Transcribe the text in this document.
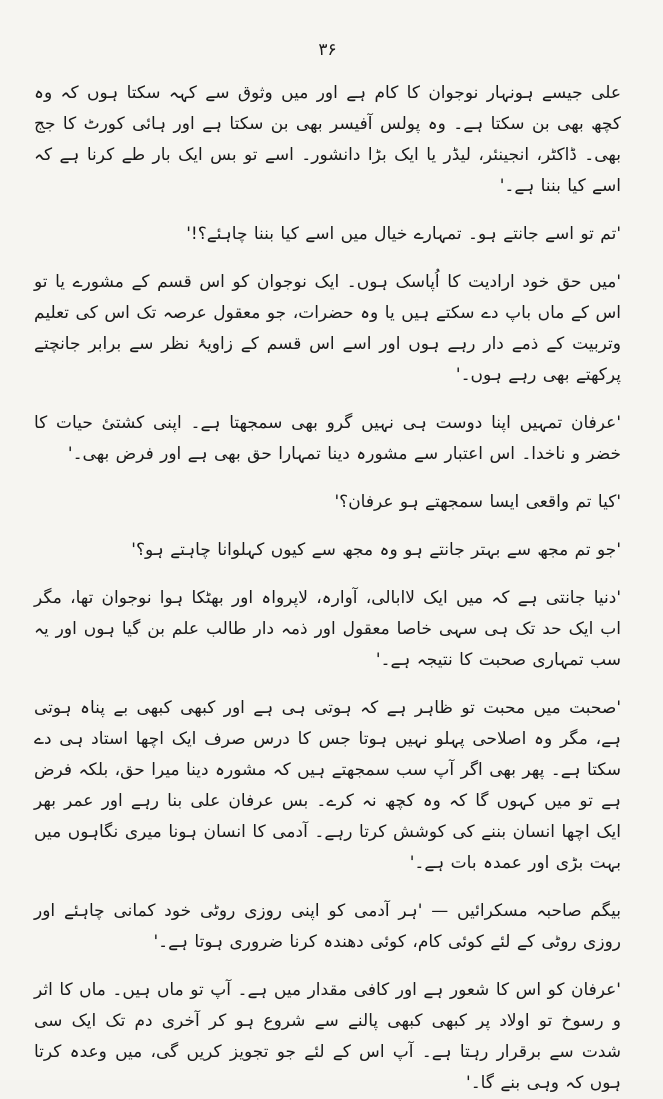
۳۶

علی جیسے ہونہار نوجوان کا کام ہے اور میں وثوق سے کہہ سکتا ہوں کہ وہ کچھ بھی بن سکتا ہے۔ وہ پولس آفیسر بھی بن سکتا ہے اور ہائی کورٹ کا جج بھی۔ ڈاکٹر، انجینئر، لیڈر یا ایک بڑا دانشور۔ اسے تو بس ایک بار طے کرنا ہے کہ اسے کیا بننا ہے۔'

'تم تو اسے جانتے ہو۔ تمہارے خیال میں اسے کیا بننا چاہئے؟!'

'میں حق خود ارادیت کا اُپاسک ہوں۔ ایک نوجوان کو اس قسم کے مشورے یا تو اس کے ماں باپ دے سکتے ہیں یا وہ حضرات، جو معقول عرصہ تک اس کی تعلیم وتربیت کے ذمے دار رہے ہوں اور اسے اس قسم کے زاویۂ نظر سے برابر جانچتے پرکھتے بھی رہے ہوں۔'

'عرفان تمہیں اپنا دوست ہی نہیں گرو بھی سمجھتا ہے۔ اپنی کشتیٔ حیات کا خضر و ناخدا۔ اس اعتبار سے مشورہ دینا تمہارا حق بھی ہے اور فرض بھی۔'

'کیا تم واقعی ایسا سمجھتے ہو عرفان؟'

'جو تم مجھ سے بہتر جانتے ہو وہ مجھ سے کیوں کہلوانا چاہتے ہو؟'

'دنیا جانتی ہے کہ میں ایک لاابالی، آوارہ، لاپرواہ اور بھٹکا ہوا نوجوان تھا، مگر اب ایک حد تک ہی سہی خاصا معقول اور ذمہ دار طالب علم بن گیا ہوں اور یہ سب تمہاری صحبت کا نتیجہ ہے۔'

'صحبت میں محبت تو ظاہر ہے کہ ہوتی ہی ہے اور کبھی کبھی بے پناہ ہوتی ہے، مگر وہ اصلاحی پہلو نہیں ہوتا جس کا درس صرف ایک اچھا استاد ہی دے سکتا ہے۔ پھر بھی اگر آپ سب سمجھتے ہیں کہ مشورہ دینا میرا حق، بلکہ فرض ہے تو میں کہوں گا کہ وہ کچھ نہ کرے۔ بس عرفان علی بنا رہے اور عمر بھر ایک اچھا انسان بننے کی کوشش کرتا رہے۔ آدمی کا انسان ہونا میری نگاہوں میں بہت بڑی اور عمدہ بات ہے۔'

بیگم صاحبہ مسکرائیں — 'ہر آدمی کو اپنی روزی روٹی خود کمانی چاہئے اور روزی روٹی کے لئے کوئی کام، کوئی دھندہ کرنا ضروری ہوتا ہے۔'

'عرفان کو اس کا شعور ہے اور کافی مقدار میں ہے۔ آپ تو ماں ہیں۔ ماں کا اثر و رسوخ تو اولاد پر کبھی کبھی پالنے سے شروع ہو کر آخری دم تک ایک سی شدت سے برقرار رہتا ہے۔ آپ اس کے لئے جو تجویز کریں گی، میں وعدہ کرتا ہوں کہ وہی بنے گا۔'
